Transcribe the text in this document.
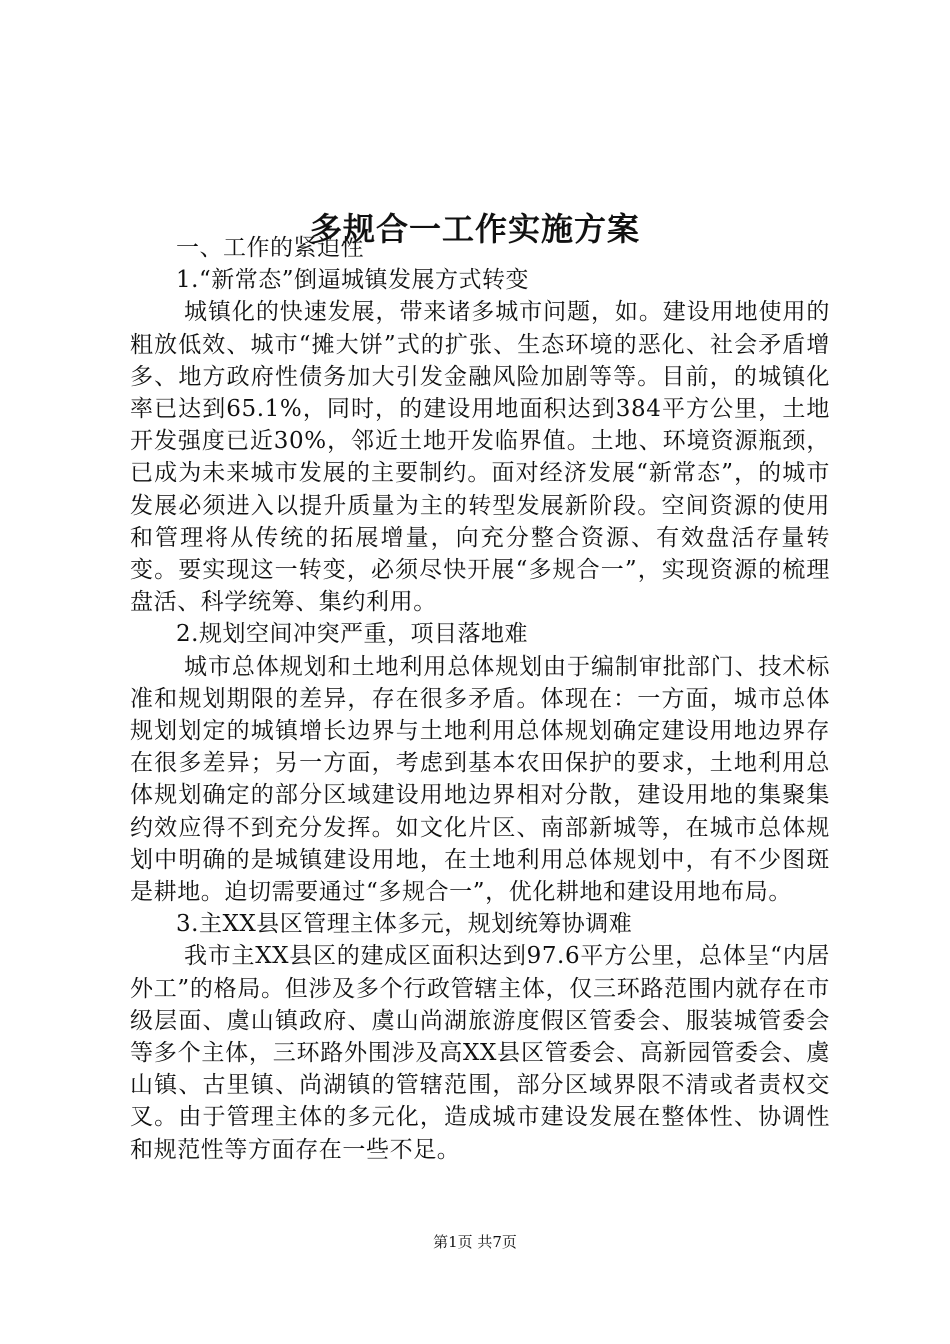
多规合一工作实施方案

一、工作的紧迫性

1.“新常态”倒逼城镇发展方式转变

城镇化的快速发展，带来诸多城市问题，如。建设用地使用的粗放低效、城市“摊大饼”式的扩张、生态环境的恶化、社会矛盾增多、地方政府性债务加大引发金融风险加剧等等。目前，的城镇化率已达到65.1%，同时，的建设用地面积达到384平方公里，土地开发强度已近30%，邻近土地开发临界值。土地、环境资源瓶颈，已成为未来城市发展的主要制约。面对经济发展“新常态”，的城市发展必须进入以提升质量为主的转型发展新阶段。空间资源的使用和管理将从传统的拓展增量，向充分整合资源、有效盘活存量转变。要实现这一转变，必须尽快开展“多规合一”，实现资源的梳理盘活、科学统筹、集约利用。

2.规划空间冲突严重，项目落地难

城市总体规划和土地利用总体规划由于编制审批部门、技术标准和规划期限的差异，存在很多矛盾。体现在：一方面，城市总体规划划定的城镇增长边界与土地利用总体规划确定建设用地边界存在很多差异；另一方面，考虑到基本农田保护的要求，土地利用总体规划确定的部分区域建设用地边界相对分散，建设用地的集聚集约效应得不到充分发挥。如文化片区、南部新城等，在城市总体规划中明确的是城镇建设用地，在土地利用总体规划中，有不少图斑是耕地。迫切需要通过“多规合一”，优化耕地和建设用地布局。

3.主XX县区管理主体多元，规划统筹协调难

我市主XX县区的建成区面积达到97.6平方公里，总体呈“内居外工”的格局。但涉及多个行政管辖主体，仅三环路范围内就存在市级层面、虞山镇政府、虞山尚湖旅游度假区管委会、服装城管委会等多个主体，三环路外围涉及高XX县区管委会、高新园管委会、虞山镇、古里镇、尚湖镇的管辖范围，部分区域界限不清或者责权交叉。由于管理主体的多元化，造成城市建设发展在整体性、协调性和规范性等方面存在一些不足。

第1页 共7页
